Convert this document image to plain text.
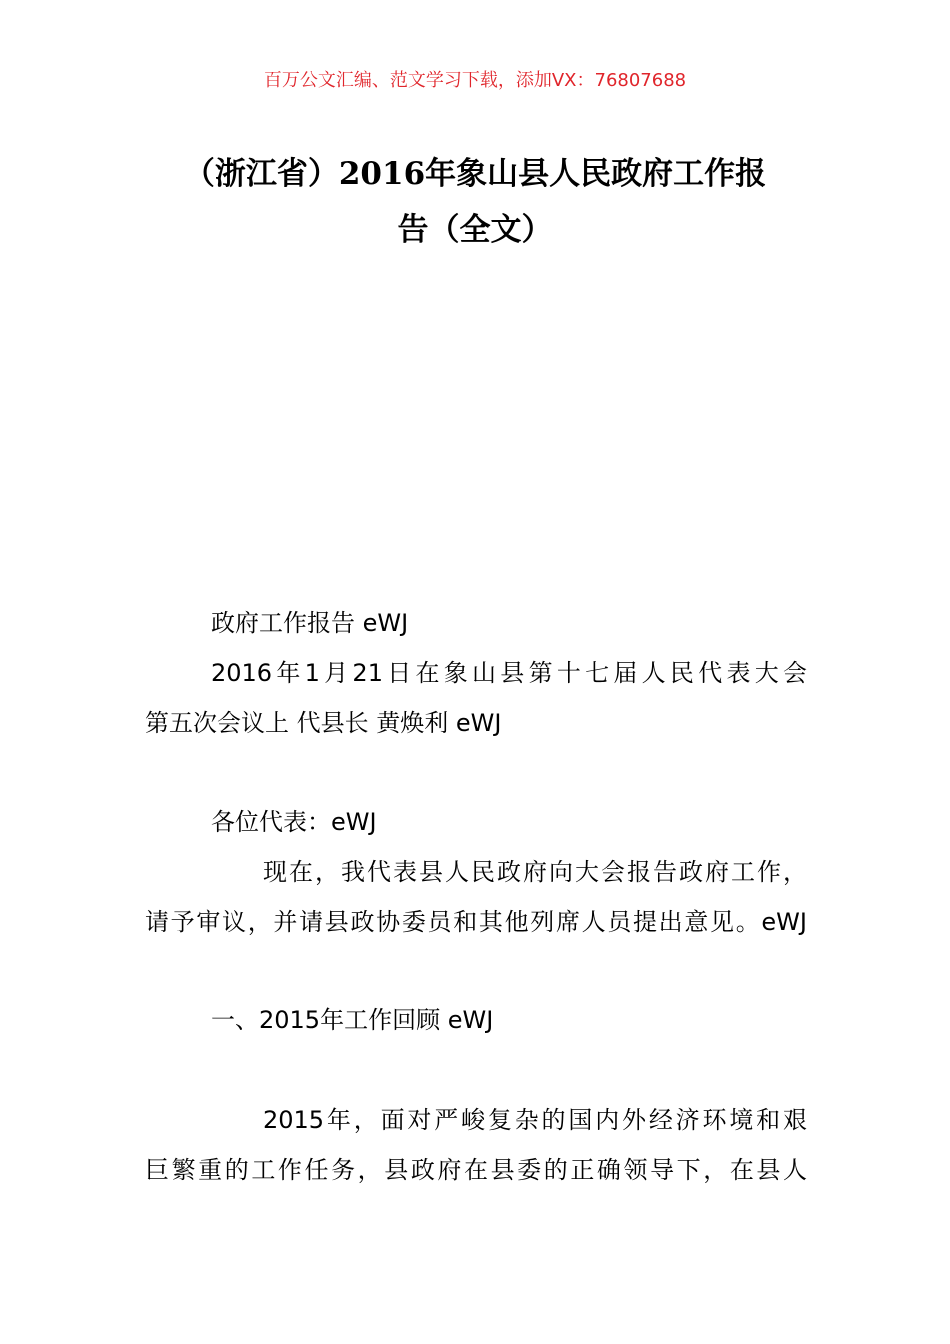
百万公文汇编、范文学习下载，添加VX：76807688
（浙江省）2016年象山县人民政府工作报
告（全文）

政府工作报告 eWJ

2016年1月21日在象山县第十七届人民代表大会
第五次会议上 代县长 黄焕利 eWJ

各位代表：eWJ

现在，我代表县人民政府向大会报告政府工作，
请予审议，并请县政协委员和其他列席人员提出意见。eWJ

一、2015年工作回顾 eWJ

2015年，面对严峻复杂的国内外经济环境和艰
巨繁重的工作任务，县政府在县委的正确领导下，在县人
